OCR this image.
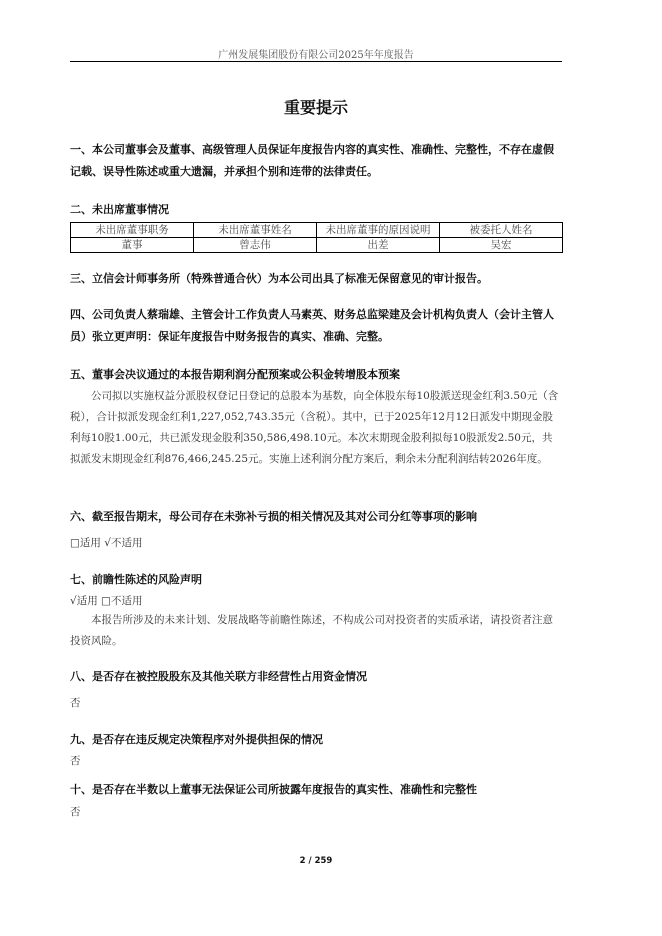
广州发展集团股份有限公司2025年年度报告
重要提示
一、本公司董事会及董事、高级管理人员保证年度报告内容的真实性、准确性、完整性，不存在虚假记载、误导性陈述或重大遗漏，并承担个别和连带的法律责任。
二、未出席董事情况
未出席董事职务	未出席董事姓名	未出席董事的原因说明	被委托人姓名
董事	曾志伟	出差	吴宏
三、立信会计师事务所（特殊普通合伙）为本公司出具了标准无保留意见的审计报告。
四、公司负责人蔡瑞雄、主管会计工作负责人马素英、财务总监梁建及会计机构负责人（会计主管人员）张立更声明：保证年度报告中财务报告的真实、准确、完整。
五、董事会决议通过的本报告期利润分配预案或公积金转增股本预案
公司拟以实施权益分派股权登记日登记的总股本为基数，向全体股东每10股派送现金红利3.50元（含税），合计拟派发现金红利1,227,052,743.35元（含税）。其中，已于2025年12月12日派发中期现金股利每10股1.00元，共已派发现金股利350,586,498.10元。本次末期现金股利拟每10股派发2.50元，共拟派发末期现金红利876,466,245.25元。实施上述利润分配方案后，剩余未分配利润结转2026年度。
六、截至报告期末，母公司存在未弥补亏损的相关情况及其对公司分红等事项的影响
□适用 √不适用
七、前瞻性陈述的风险声明
√适用 □不适用
本报告所涉及的未来计划、发展战略等前瞻性陈述，不构成公司对投资者的实质承诺，请投资者注意投资风险。
八、是否存在被控股股东及其他关联方非经营性占用资金情况
否
九、是否存在违反规定决策程序对外提供担保的情况
否
十、是否存在半数以上董事无法保证公司所披露年度报告的真实性、准确性和完整性
否
2 / 259
